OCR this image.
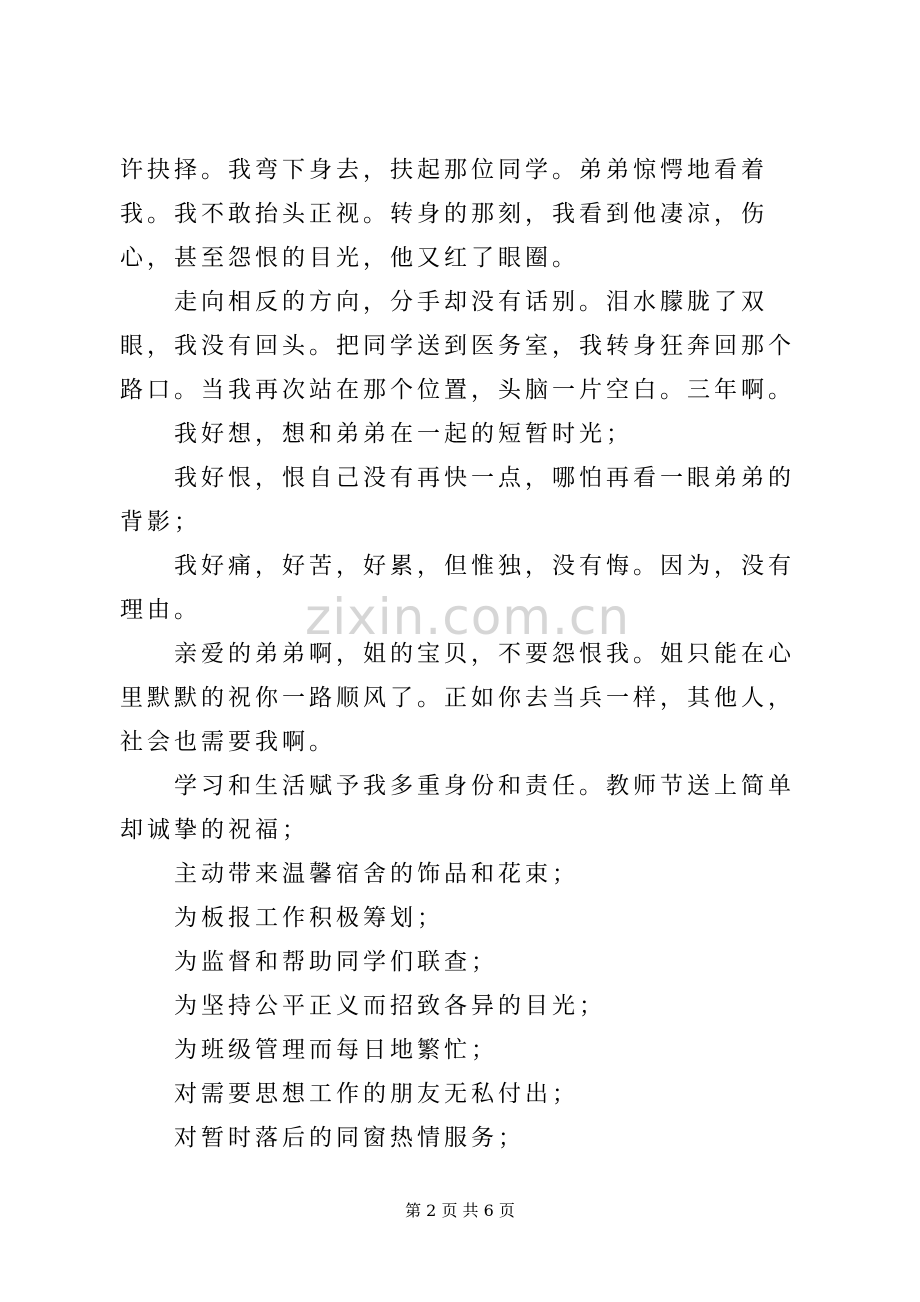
zixin.com.cn

许抉择。我弯下身去，扶起那位同学。弟弟惊愕地看着我。我不敢抬头正视。转身的那刻，我看到他凄凉，伤心，甚至怨恨的目光，他又红了眼圈。

走向相反的方向，分手却没有话别。泪水朦胧了双眼，我没有回头。把同学送到医务室，我转身狂奔回那个路口。当我再次站在那个位置，头脑一片空白。三年啊。

我好想，想和弟弟在一起的短暂时光；

我好恨，恨自己没有再快一点，哪怕再看一眼弟弟的背影；

我好痛，好苦，好累，但惟独，没有悔。因为，没有理由。

亲爱的弟弟啊，姐的宝贝，不要怨恨我。姐只能在心里默默的祝你一路顺风了。正如你去当兵一样，其他人，社会也需要我啊。

学习和生活赋予我多重身份和责任。教师节送上简单却诚挚的祝福；

主动带来温馨宿舍的饰品和花束；

为板报工作积极筹划；

为监督和帮助同学们联查；

为坚持公平正义而招致各异的目光；

为班级管理而每日地繁忙；

对需要思想工作的朋友无私付出；

对暂时落后的同窗热情服务；

第 2 页 共 6 页
